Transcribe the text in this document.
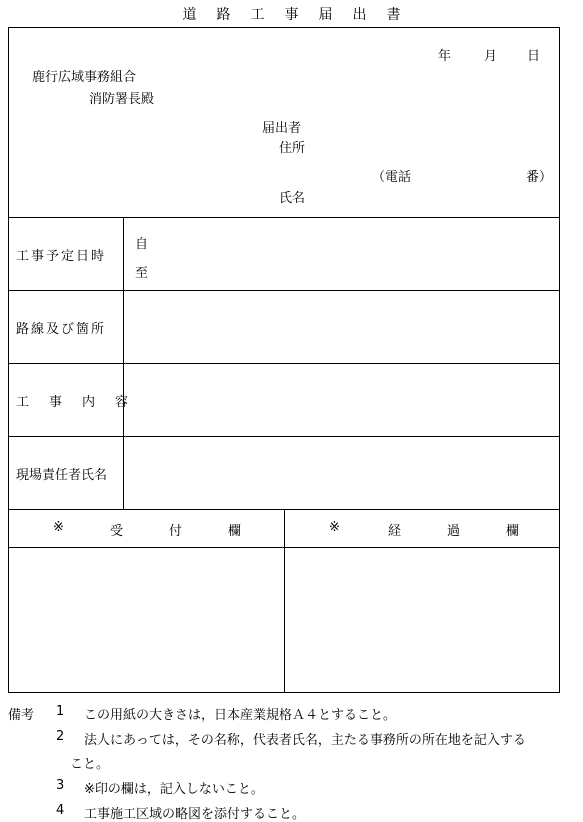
道路工事届出書
年	月 日
鹿行広域事務組合
消防署長殿
届出者
住所
（電話	番）
氏名
工事予定日時
自
至
路線及び箇所
工事内容
現場責任者氏名
※	受付欄	※	経過欄
備考 1 この用紙の大きさは，日本産業規格Ａ４とすること。
2 法人にあっては，その名称，代表者氏名，主たる事務所の所在地を記入する
こと。
3 ※印の欄は，記入しないこと。
4 工事施工区域の略図を添付すること。
